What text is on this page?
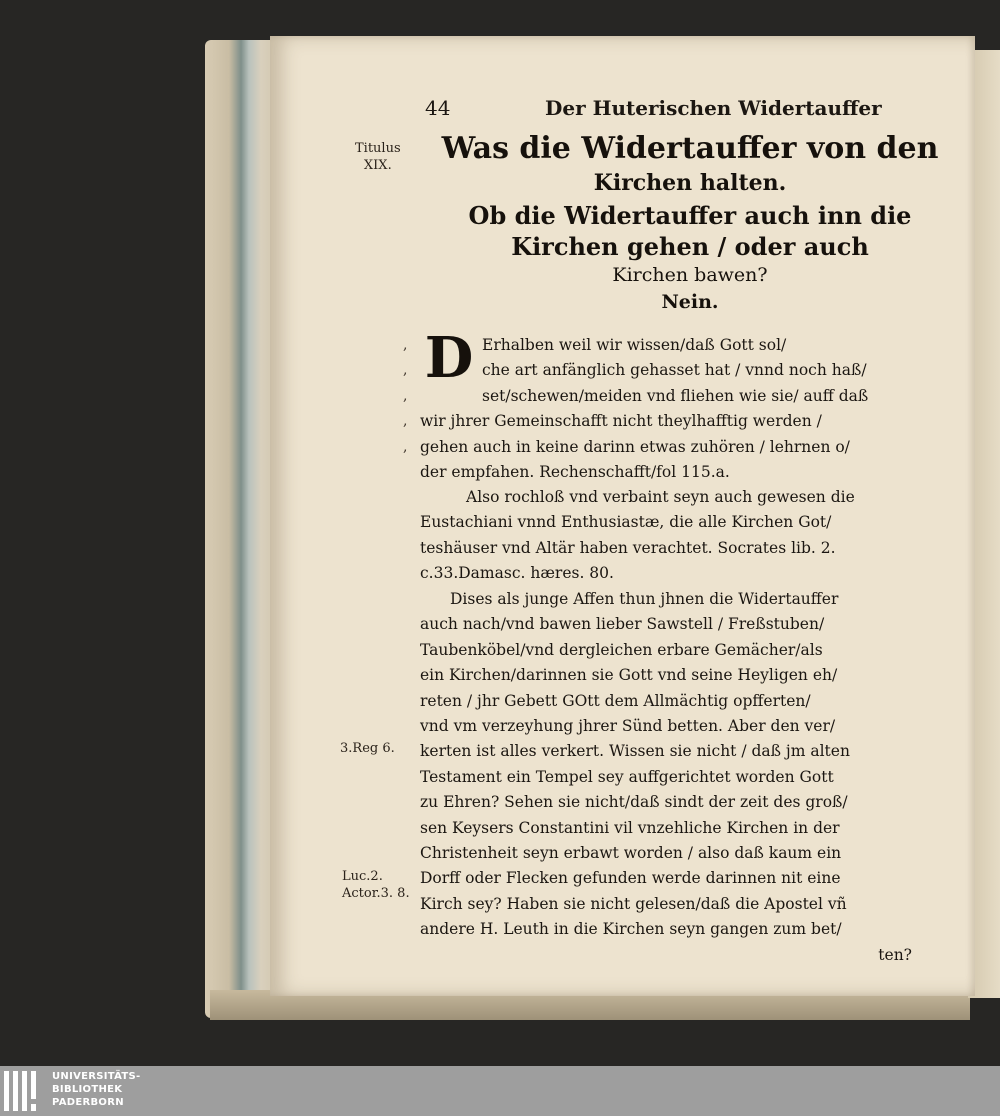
44	Der Huterischen Widertauffer
Titulus
XIX.
3.Reg 6.
Luc.2.
Actor.3. 8.
Was die Widertauffer von den
Kirchen halten.
Ob die Widertauffer auch inn die
Kirchen gehen / oder auch
Kirchen bawen?
Nein.
D
,
,
,
,
,
Erhalben weil wir wissen/daß Gott sol/
che art anfänglich gehasset hat / vnnd noch haß/
set/schewen/meiden vnd fliehen wie sie/ auff daß
wir jhrer Gemeinschafft nicht theylhafftig werden /
gehen auch in keine darinn etwas zuhören / lehrnen o/
der empfahen. Rechenschafft/fol 115.a.
Also rochloß vnd verbaint seyn auch gewesen die
Eustachiani vnnd Enthusiastæ, die alle Kirchen Got/
teshäuser vnd Altär haben verachtet. Socrates lib. 2.
c.33.Damasc. hæres. 80.
Dises als junge Affen thun jhnen die Widertauffer
auch nach/vnd bawen lieber Sawstell / Freßstuben/
Taubenköbel/vnd dergleichen erbare Gemächer/als
ein Kirchen/darinnen sie Gott vnd seine Heyligen eh/
reten / jhr Gebett GOtt dem Allmächtig opfferten/
vnd vm verzeyhung jhrer Sünd betten. Aber den ver/
kerten ist alles verkert. Wissen sie nicht / daß jm alten
Testament ein Tempel sey auffgerichtet worden Gott
zu Ehren? Sehen sie nicht/daß sindt der zeit des groß/
sen Keysers Constantini vil vnzehliche Kirchen in der
Christenheit seyn erbawt worden / also daß kaum ein
Dorff oder Flecken gefunden werde darinnen nit eine
Kirch sey? Haben sie nicht gelesen/daß die Apostel vñ
andere H. Leuth in die Kirchen seyn gangen zum bet/
ten?
UNIVERSITÄTS-
BIBLIOTHEK
PADERBORN
